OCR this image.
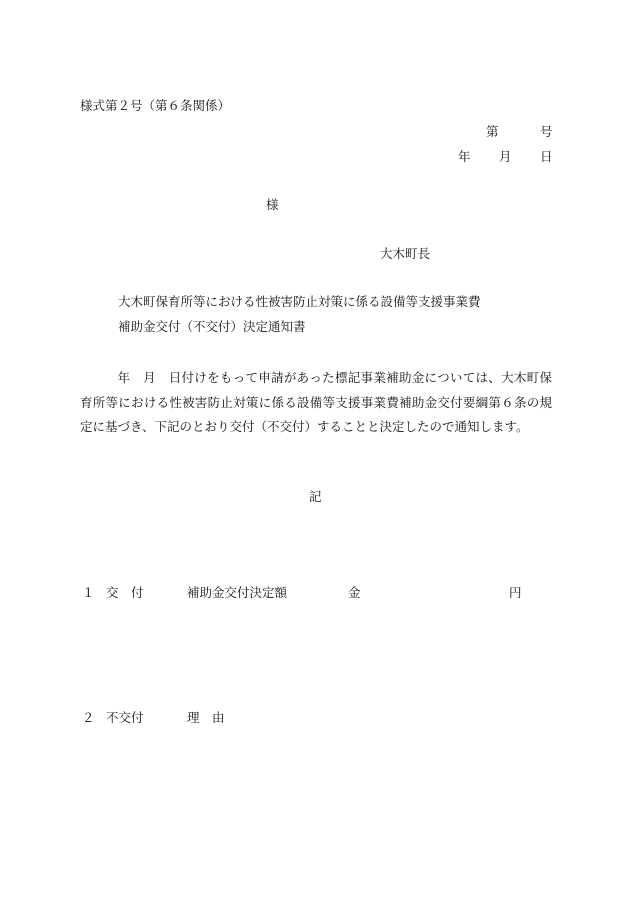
様式第２号（第６条関係）
第	号
年 月 日
様
大木町長
大木町保育所等における性被害防止対策に係る設備等支援事業費
補助金交付（不交付）決定通知書
年　月　日付けをもって申請があった標記事業補助金については、大木町保育所等における性被害防止対策に係る設備等支援事業費補助金交付要綱第６条の規定に基づき、下記のとおり交付（不交付）することと決定したので通知します。
記
１ 交　付	補助金交付決定額	金	円
２ 不交付	理　由
